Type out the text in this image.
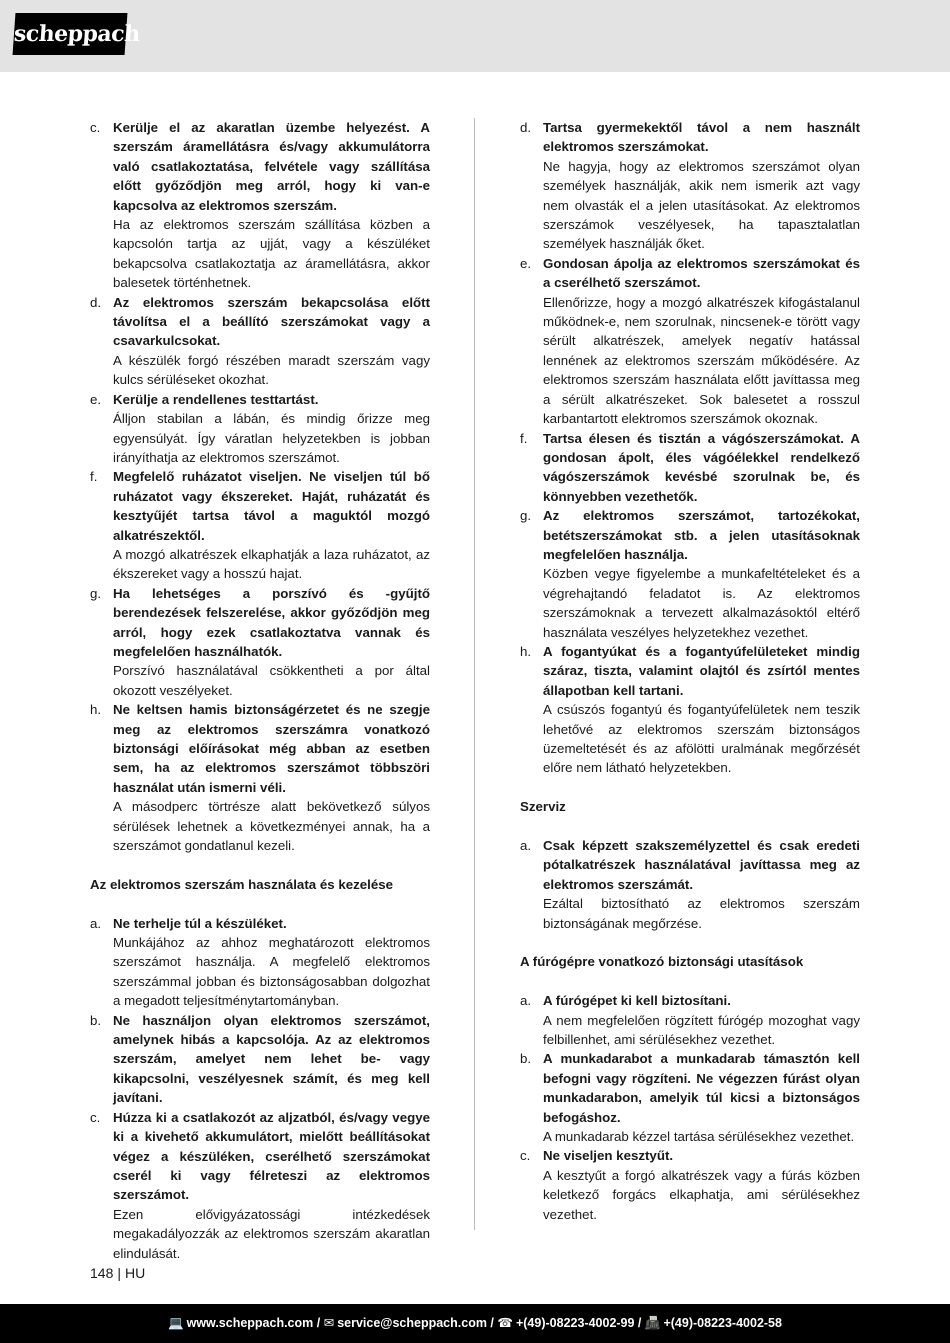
scheppach
c. Kerülje el az akaratlan üzembe helyezést. A szerszám áramellátásra és/vagy akkumulátorra való csatlakoztatása, felvétele vagy szállítása előtt győződjön meg arról, hogy ki van-e kapcsolva az elektromos szerszám.
Ha az elektromos szerszám szállítása közben a kapcsolón tartja az ujját, vagy a készüléket bekapcsolva csatlakoztatja az áramellátásra, akkor balesetek történhetnek.
d. Az elektromos szerszám bekapcsolása előtt távolítsa el a beállító szerszámokat vagy a csavarkulcsokat.
A készülék forgó részében maradt szerszám vagy kulcs sérüléseket okozhat.
e. Kerülje a rendellenes testtartást.
Álljon stabilan a lábán, és mindig őrizze meg egyensúlyát. Így váratlan helyzetekben is jobban irányíthatja az elektromos szerszámot.
f. Megfelelő ruházatot viseljen. Ne viseljen túl bő ruházatot vagy ékszereket. Haját, ruházatát és kesztyűjét tartsa távol a maguktól mozgó alkatrészektől.
A mozgó alkatrészek elkaphatják a laza ruházatot, az ékszereket vagy a hosszú hajat.
g. Ha lehetséges a porszívó és -gyűjtő berendezések felszerelése, akkor győződjön meg arról, hogy ezek csatlakoztatva vannak és megfelelően használhatók.
Porszívó használatával csökkentheti a por által okozott veszélyeket.
h. Ne keltsen hamis biztonságérzetet és ne szegje meg az elektromos szerszámra vonatkozó biztonsági előírásokat még abban az esetben sem, ha az elektromos szerszámot többszöri használat után ismerni véli.
A másodperc törtrésze alatt bekövetkező súlyos sérülések lehetnek a következményei annak, ha a szerszámot gondatlanul kezeli.
Az elektromos szerszám használata és kezelése
a. Ne terhelje túl a készüléket.
Munkájához az ahhoz meghatározott elektromos szerszámot használja. A megfelelő elektromos szerszámmal jobban és biztonságosabban dolgozhat a megadott teljesítménytartományban.
b. Ne használjon olyan elektromos szerszámot, amelynek hibás a kapcsolója. Az az elektromos szerszám, amelyet nem lehet be- vagy kikapcsolni, veszélyesnek számít, és meg kell javítani.
c. Húzza ki a csatlakozót az aljzatból, és/vagy vegye ki a kivehető akkumulátort, mielőtt beállításokat végez a készüléken, cserélhető szerszámokat cserél ki vagy félreteszi az elektromos szerszámot.
Ezen elővigyázatossági intézkedések megakadályozzák az elektromos szerszám akaratlan elindulását.
d. Tartsa gyermekektől távol a nem használt elektromos szerszámokat.
Ne hagyja, hogy az elektromos szerszámot olyan személyek használják, akik nem ismerik azt vagy nem olvasták el a jelen utasításokat. Az elektromos szerszámok veszélyesek, ha tapasztalatlan személyek használják őket.
e. Gondosan ápolja az elektromos szerszámokat és a cserélhető szerszámot.
Ellenőrizze, hogy a mozgó alkatrészek kifogástalanul működnek-e, nem szorulnak, nincsenek-e törött vagy sérült alkatrészek, amelyek negatív hatással lennének az elektromos szerszám működésére. Az elektromos szerszám használata előtt javíttassa meg a sérült alkatrészeket. Sok balesetet a rosszul karbantartott elektromos szerszámok okoznak.
f. Tartsa élesen és tisztán a vágószerszámokat. A gondosan ápolt, éles vágóélekkel rendelkező vágószerszámok kevésbé szorulnak be, és könnyebben vezethetők.
g. Az elektromos szerszámot, tartozékokat, betétszerszámokat stb. a jelen utasításoknak megfelelően használja.
Közben vegye figyelembe a munkafeltételeket és a végrehajtandó feladatot is. Az elektromos szerszámoknak a tervezett alkalmazásoktól eltérő használata veszélyes helyzetekhez vezethet.
h. A fogantyúkat és a fogantyúfelületeket mindig száraz, tiszta, valamint olajtól és zsírtól mentes állapotban kell tartani.
A csúszós fogantyú és fogantyúfelületek nem teszik lehetővé az elektromos szerszám biztonságos üzemeltetését és az afölötti uralmának megőrzését előre nem látható helyzetekben.
Szerviz
a. Csak képzett szakszemélyzettel és csak eredeti pótalkatrészek használatával javíttassa meg az elektromos szerszámát.
Ezáltal biztosítható az elektromos szerszám biztonságának megőrzése.
A fúrógépre vonatkozó biztonsági utasítások
a. A fúrógépet ki kell biztosítani.
A nem megfelelően rögzített fúrógép mozoghat vagy felbillenhet, ami sérülésekhez vezethet.
b. A munkadarabot a munkadarab támasztón kell befogni vagy rögzíteni. Ne végezzen fúrást olyan munkadarabon, amelyik túl kicsi a biztonságos befogáshoz.
A munkadarab kézzel tartása sérülésekhez vezethet.
c. Ne viseljen kesztyűt.
A kesztyűt a forgó alkatrészek vagy a fúrás közben keletkező forgács elkaphatja, ami sérülésekhez vezethet.
148 | HU
💻 www.scheppach.com / ✉ service@scheppach.com / ☎ +(49)-08223-4002-99 / 📠 +(49)-08223-4002-58
